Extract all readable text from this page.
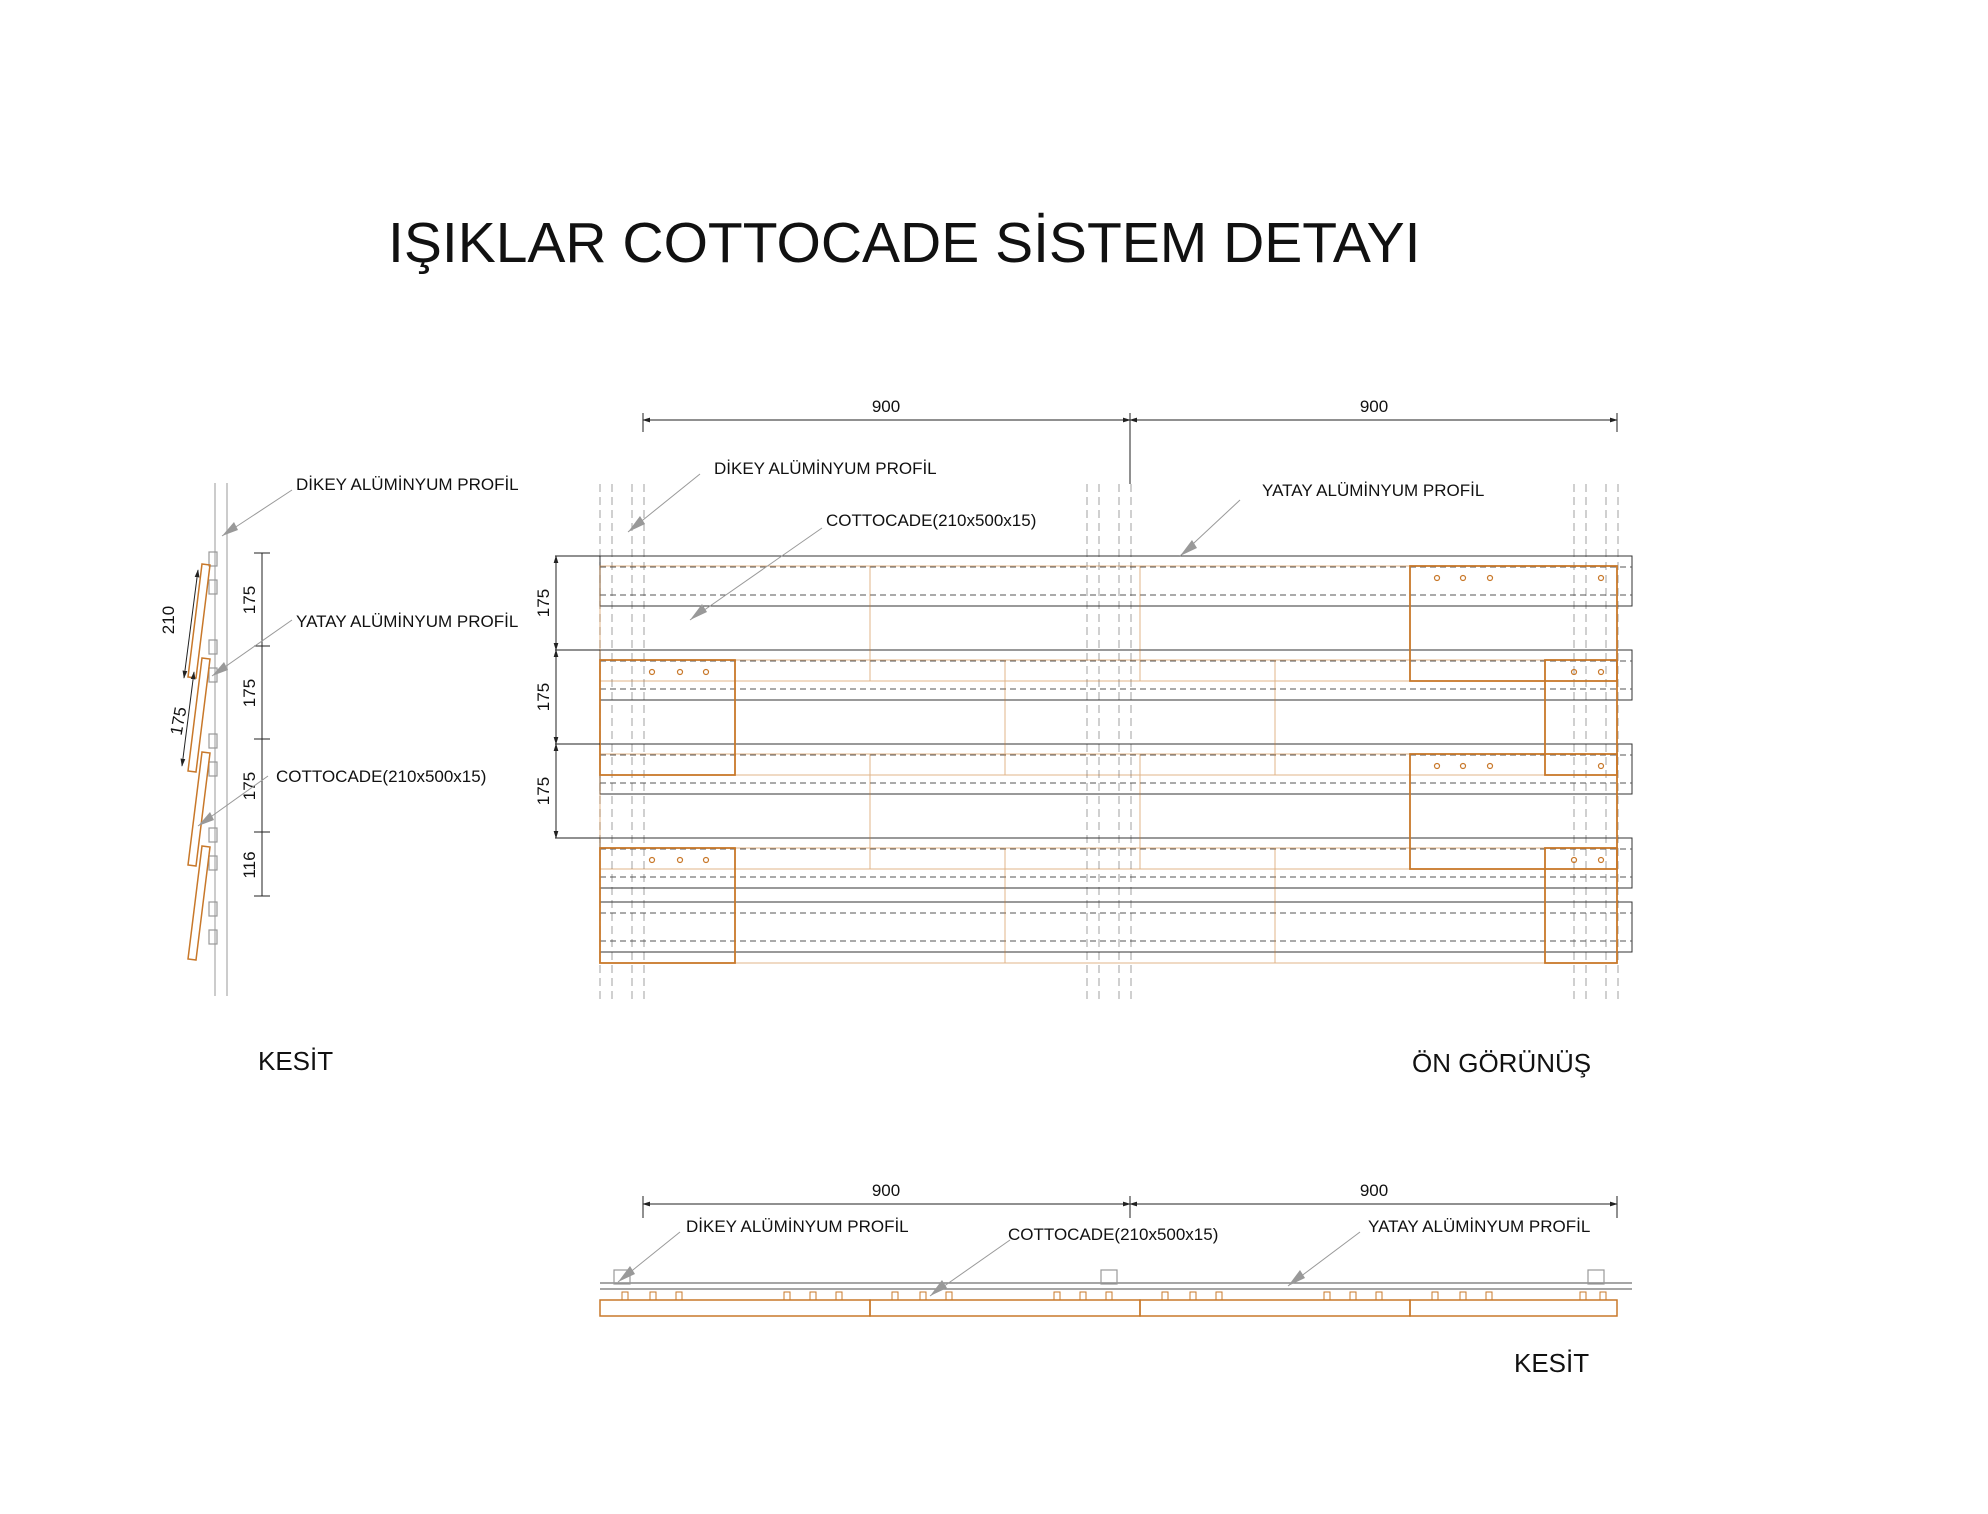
IŞIKLAR COTTOCADE SİSTEM DETAYI
175
175
175
116
210
175
DİKEY ALÜMİNYUM PROFİL
YATAY ALÜMİNYUM PROFİL
COTTOCADE(210x500x15)
KESİT
900	900
175
175
175
DİKEY ALÜMİNYUM PROFİL
COTTOCADE(210x500x15)
YATAY ALÜMİNYUM PROFİL
ÖN GÖRÜNÜŞ
900	900
DİKEY ALÜMİNYUM PROFİL	COTTOCADE(210x500x15)	YATAY ALÜMİNYUM PROFİL
KESİT
